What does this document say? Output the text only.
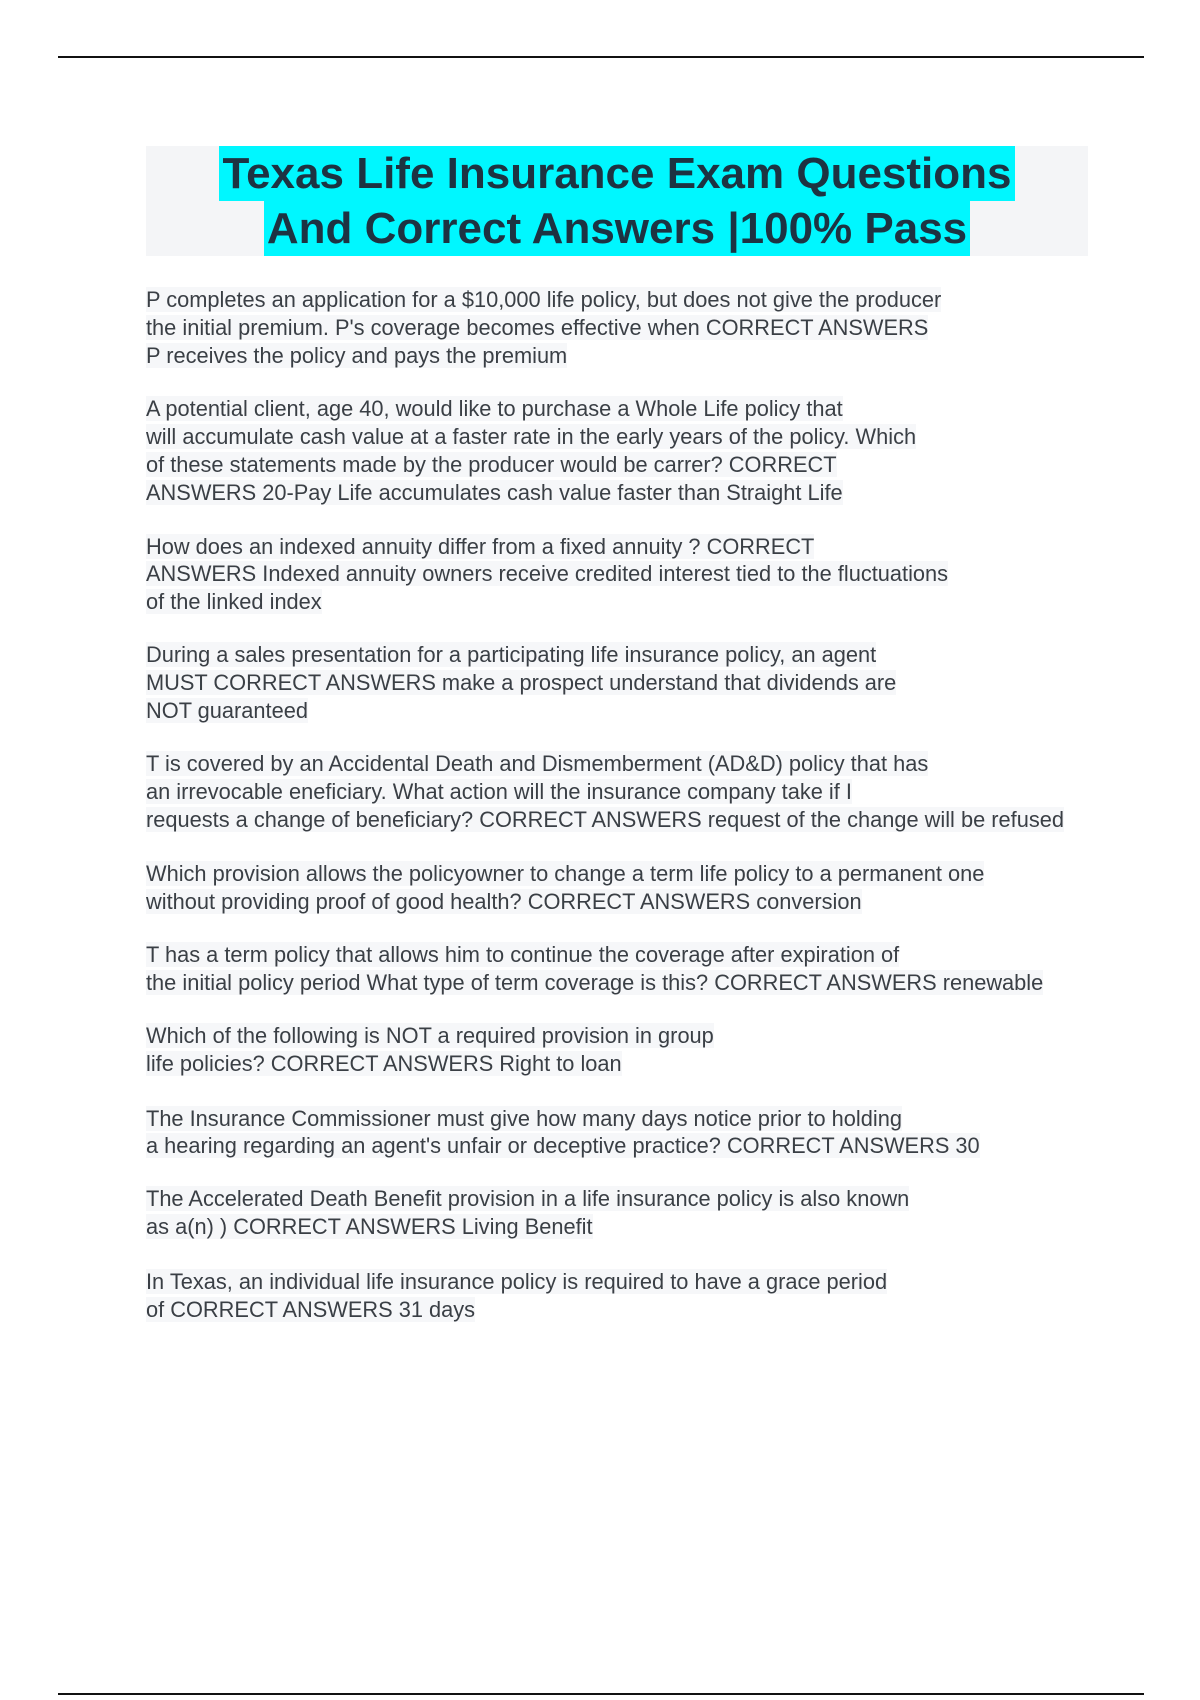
Texas Life Insurance Exam Questions
And Correct Answers |100% Pass

P completes an application for a $10,000 life policy, but does not give the producer
the initial premium. P's coverage becomes effective when CORRECT ANSWERS
P receives the policy and pays the premium

A potential client, age 40, would like to purchase a Whole Life policy that
will accumulate cash value at a faster rate in the early years of the policy. Which
of these statements made by the producer would be carrer? CORRECT
ANSWERS 20-Pay Life accumulates cash value faster than Straight Life

How does an indexed annuity differ from a fixed annuity ? CORRECT
ANSWERS Indexed annuity owners receive credited interest tied to the fluctuations
of the linked index

During a sales presentation for a participating life insurance policy, an agent
MUST CORRECT ANSWERS make a prospect understand that dividends are
NOT guaranteed

T is covered by an Accidental Death and Dismemberment (AD&D) policy that has
an irrevocable eneficiary. What action will the insurance company take if I
requests a change of beneficiary? CORRECT ANSWERS request of the change will be refused

Which provision allows the policyowner to change a term life policy to a permanent one
without providing proof of good health? CORRECT ANSWERS conversion

T has a term policy that allows him to continue the coverage after expiration of
the initial policy period What type of term coverage is this? CORRECT ANSWERS renewable

Which of the following is NOT a required provision in group
life policies? CORRECT ANSWERS Right to loan

The Insurance Commissioner must give how many days notice prior to holding
a hearing regarding an agent's unfair or deceptive practice? CORRECT ANSWERS 30

The Accelerated Death Benefit provision in a life insurance policy is also known
as a(n) ) CORRECT ANSWERS Living Benefit

In Texas, an individual life insurance policy is required to have a grace period
of CORRECT ANSWERS 31 days
